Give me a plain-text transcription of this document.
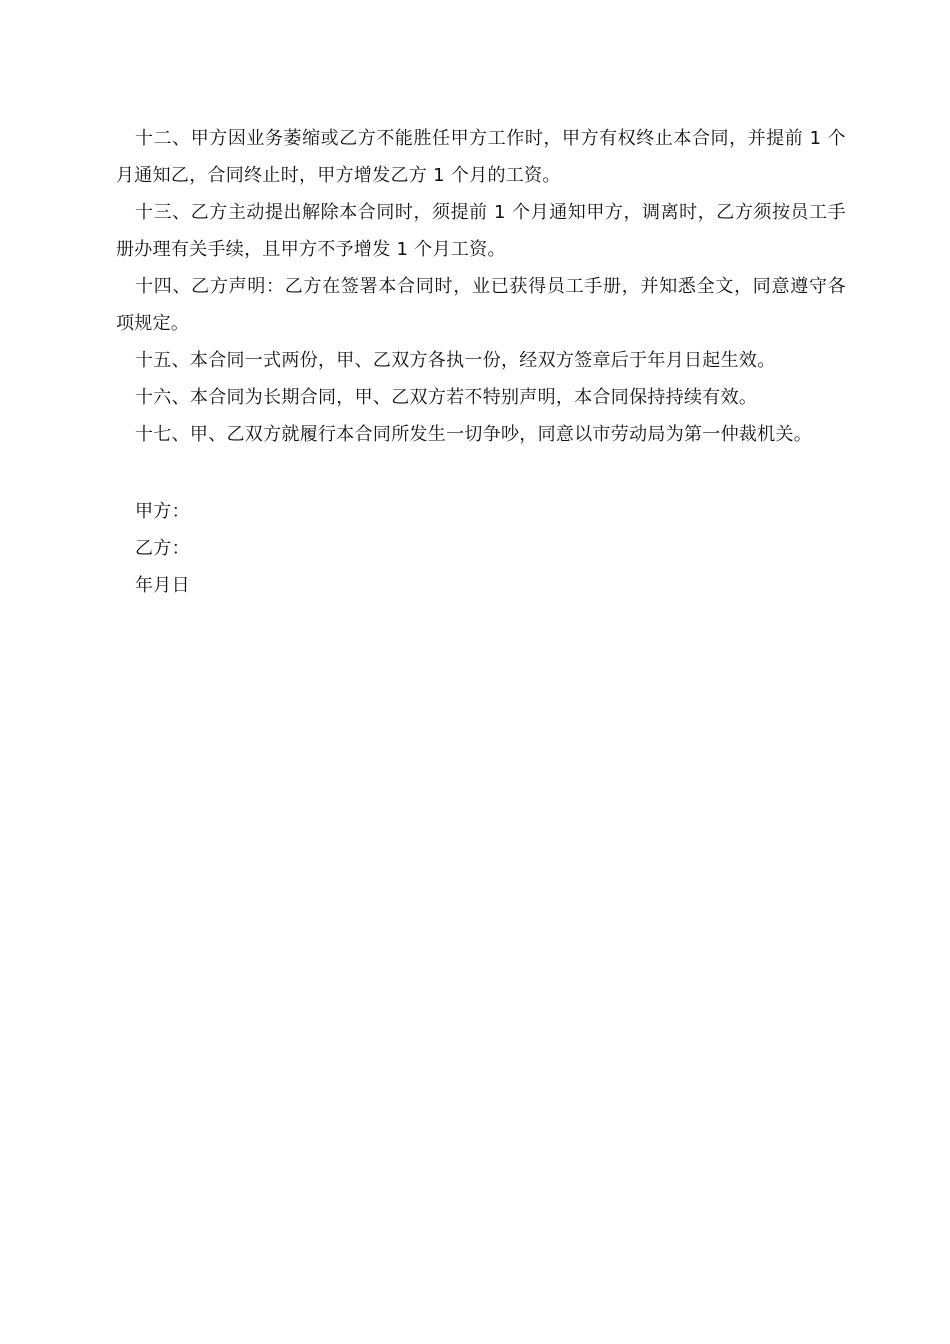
十二、甲方因业务萎缩或乙方不能胜任甲方工作时，甲方有权终止本合同，并提前 1 个月通知乙，合同终止时，甲方增发乙方 1 个月的工资。

十三、乙方主动提出解除本合同时，须提前 1 个月通知甲方，调离时，乙方须按员工手册办理有关手续，且甲方不予增发 1 个月工资。

十四、乙方声明：乙方在签署本合同时，业已获得员工手册，并知悉全文，同意遵守各项规定。

十五、本合同一式两份，甲、乙双方各执一份，经双方签章后于年月日起生效。

十六、本合同为长期合同，甲、乙双方若不特别声明，本合同保持持续有效。

十七、甲、乙双方就履行本合同所发生一切争吵，同意以市劳动局为第一仲裁机关。

甲方：

乙方：

年月日
